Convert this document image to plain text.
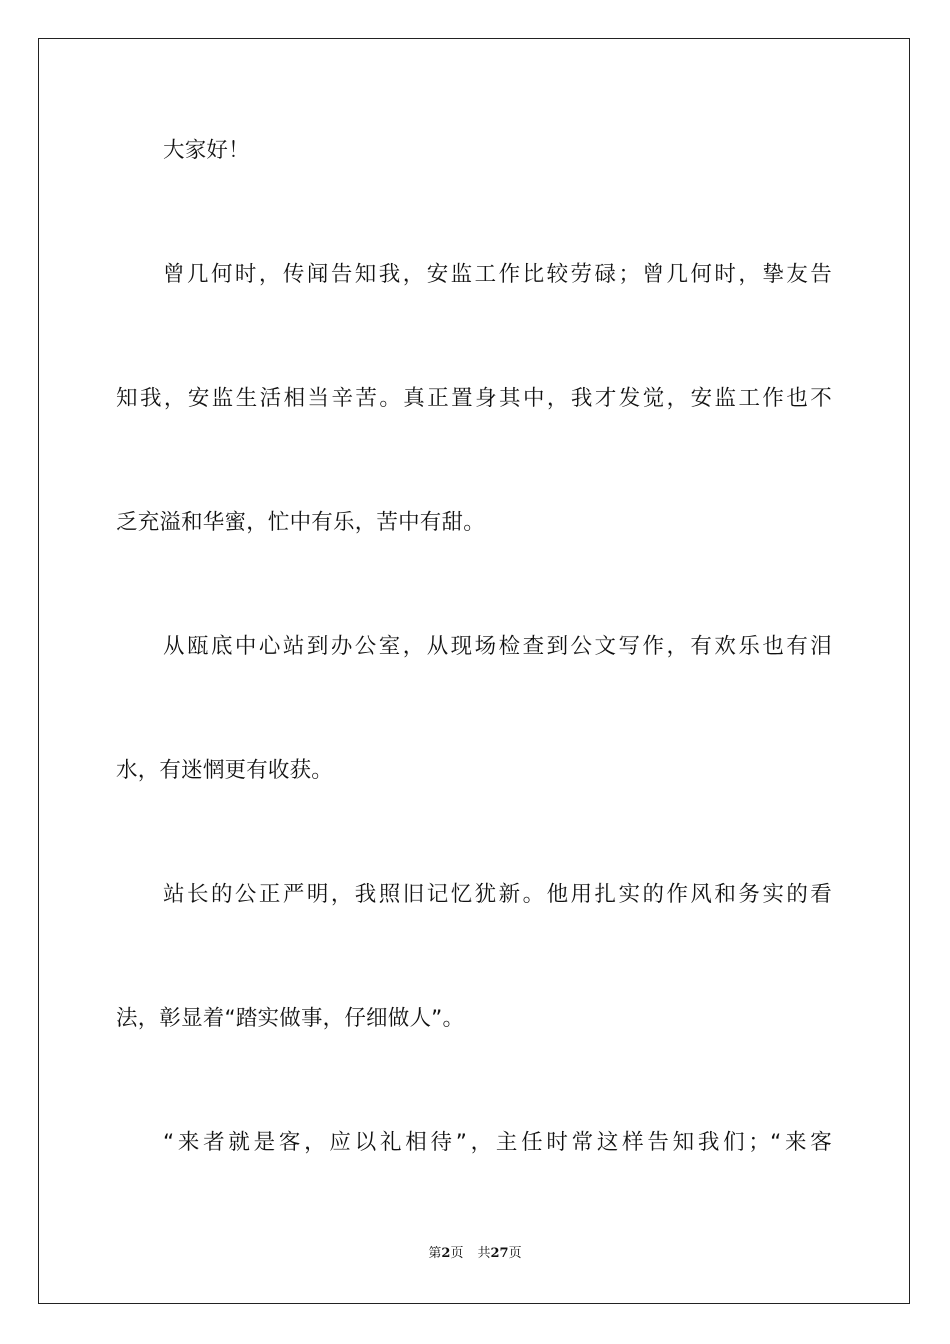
大家好！
曾几何时，传闻告知我，安监工作比较劳碌；曾几何时，挚友告
知我，安监生活相当辛苦。真正置身其中，我才发觉，安监工作也不
乏充溢和华蜜，忙中有乐，苦中有甜。
从瓯底中心站到办公室，从现场检查到公文写作，有欢乐也有泪
水，有迷惘更有收获。
站长的公正严明，我照旧记忆犹新。他用扎实的作风和务实的看
法，彰显着“踏实做事，仔细做人”。
“来者就是客，应以礼相待”，主任时常这样告知我们；“来客
第2页 共27页
